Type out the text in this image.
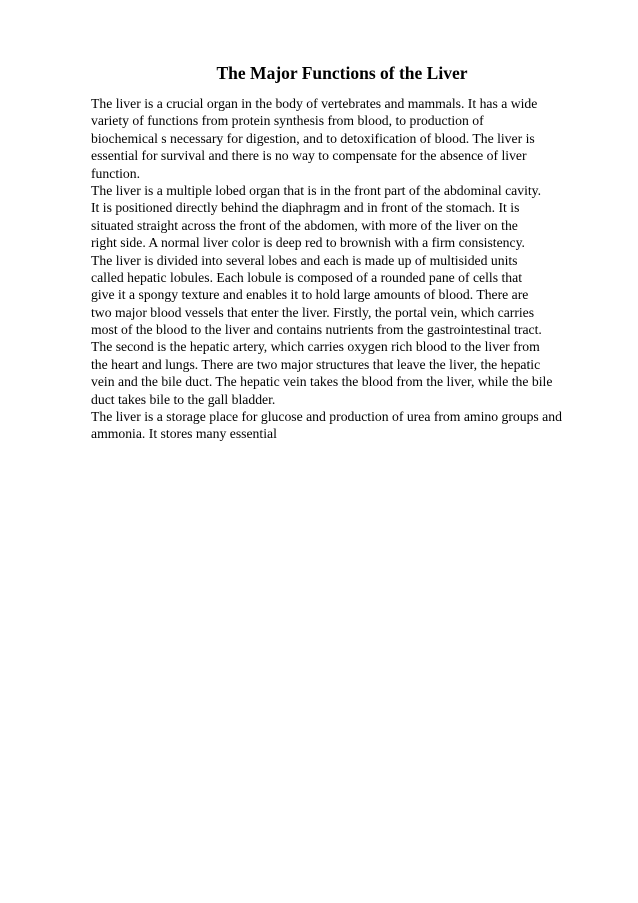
The Major Functions of the Liver
The liver is a crucial organ in the body of vertebrates and mammals. It has a wide
variety of functions from protein synthesis from blood, to production of
biochemical s necessary for digestion, and to detoxification of blood. The liver is
essential for survival and there is no way to compensate for the absence of liver
function.
The liver is a multiple lobed organ that is in the front part of the abdominal cavity.
It is positioned directly behind the diaphragm and in front of the stomach. It is
situated straight across the front of the abdomen, with more of the liver on the
right side. A normal liver color is deep red to brownish with a firm consistency.
The liver is divided into several lobes and each is made up of multisided units
called hepatic lobules. Each lobule is composed of a rounded pane of cells that
give it a spongy texture and enables it to hold large amounts of blood. There are
two major blood vessels that enter the liver. Firstly, the portal vein, which carries
most of the blood to the liver and contains nutrients from the gastrointestinal tract.
The second is the hepatic artery, which carries oxygen rich blood to the liver from
the heart and lungs. There are two major structures that leave the liver, the hepatic
vein and the bile duct. The hepatic vein takes the blood from the liver, while the bile
duct takes bile to the gall bladder.
The liver is a storage place for glucose and production of urea from amino groups and
ammonia. It stores many essential
